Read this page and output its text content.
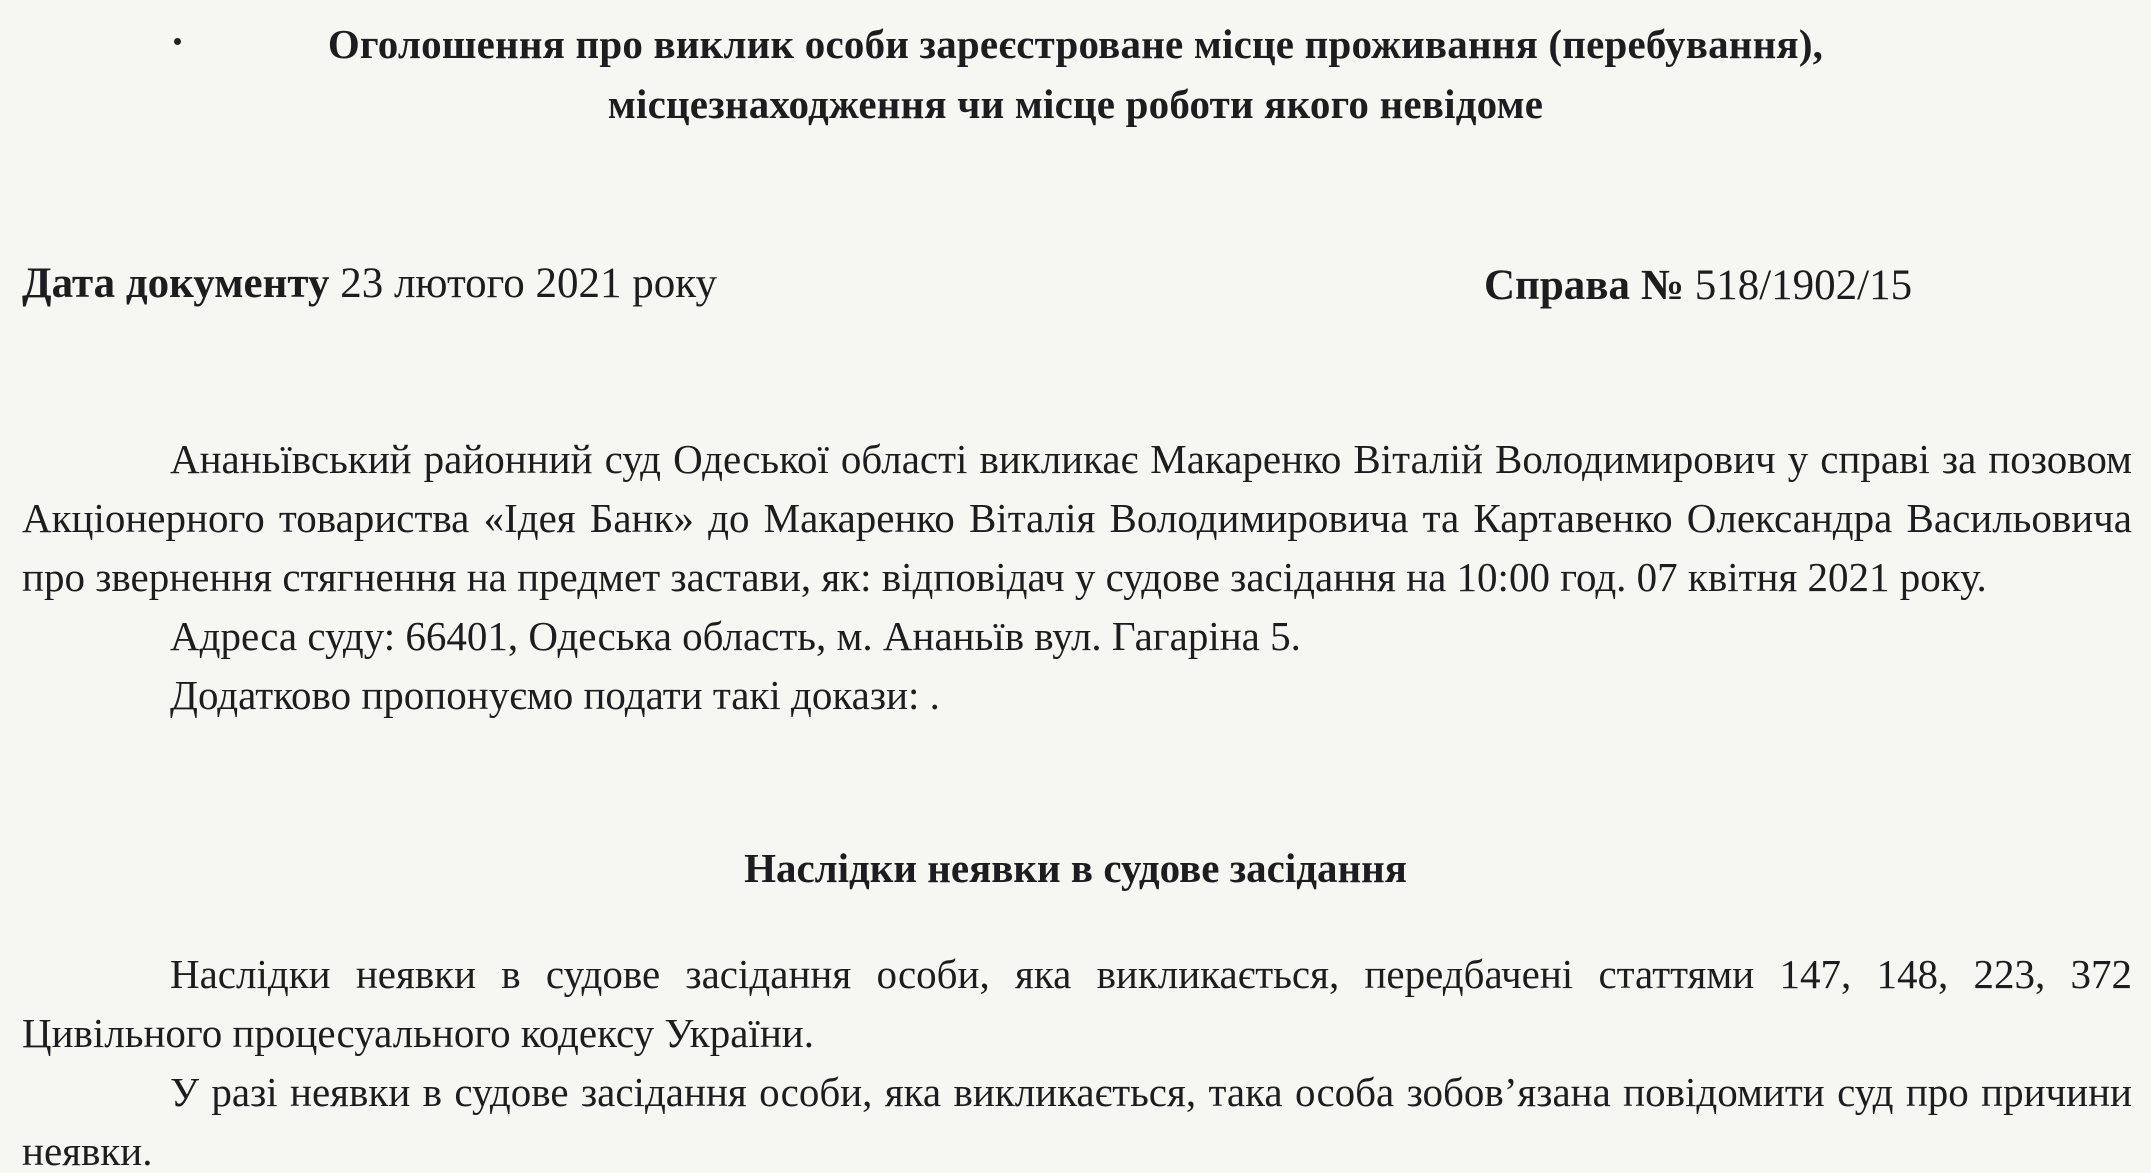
Оголошення про виклик особи зареєстроване місце проживання (перебування),
місцезнаходження чи місце роботи якого невідоме
Дата документу 23 лютого 2021 року	Справа № 518/1902/15

Ананьївський районний суд Одеської області викликає Макаренко Віталій Володимирович у справі за позовом Акціонерного товариства «Ідея Банк» до Макаренко Віталія Володимировича та Картавенко Олександра Васильовича про звернення стягнення на предмет застави, як: відповідач у судове засідання на 10:00 год. 07 квітня 2021 року.

Адреса суду: 66401, Одеська область, м. Ананьїв вул. Гагаріна 5.

Додатково пропонуємо подати такі докази: .

Наслідки неявки в судове засідання

Наслідки неявки в судове засідання особи, яка викликається, передбачені статтями 147, 148, 223, 372 Цивільного процесуального кодексу України.

У разі неявки в судове засідання особи, яка викликається, така особа зобов’язана повідомити суд про причини неявки.
